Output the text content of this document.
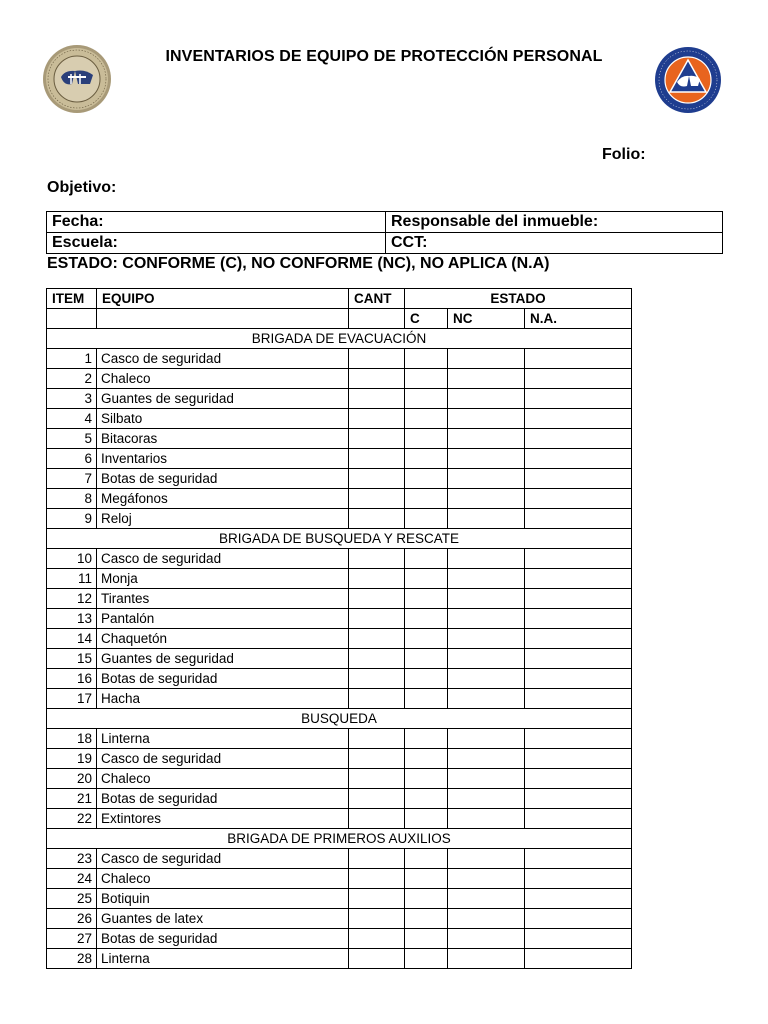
INVENTARIOS DE EQUIPO DE PROTECCIÓN PERSONAL
Folio:
Objetivo:
Fecha:	Responsable del inmueble:
Escuela:	CCT:
ESTADO: CONFORME (C), NO CONFORME (NC), NO APLICA (N.A)
ITEM	EQUIPO	CANT	ESTADO		
			C	NC	N.A.
BRIGADA DE EVACUACIÓN					
1	Casco de seguridad				
2	Chaleco				
3	Guantes de seguridad				
4	Silbato				
5	Bitacoras				
6	Inventarios				
7	Botas de seguridad				
8	Megáfonos				
9	Reloj				
BRIGADA DE BUSQUEDA Y RESCATE					
10	Casco de seguridad				
11	Monja				
12	Tirantes				
13	Pantalón				
14	Chaquetón				
15	Guantes de seguridad				
16	Botas de seguridad				
17	Hacha				
BUSQUEDA					
18	Linterna				
19	Casco de seguridad				
20	Chaleco				
21	Botas de seguridad				
22	Extintores				
BRIGADA DE PRIMEROS AUXILIOS					
23	Casco de seguridad				
24	Chaleco				
25	Botiquin				
26	Guantes de latex				
27	Botas de seguridad				
28	Linterna				
